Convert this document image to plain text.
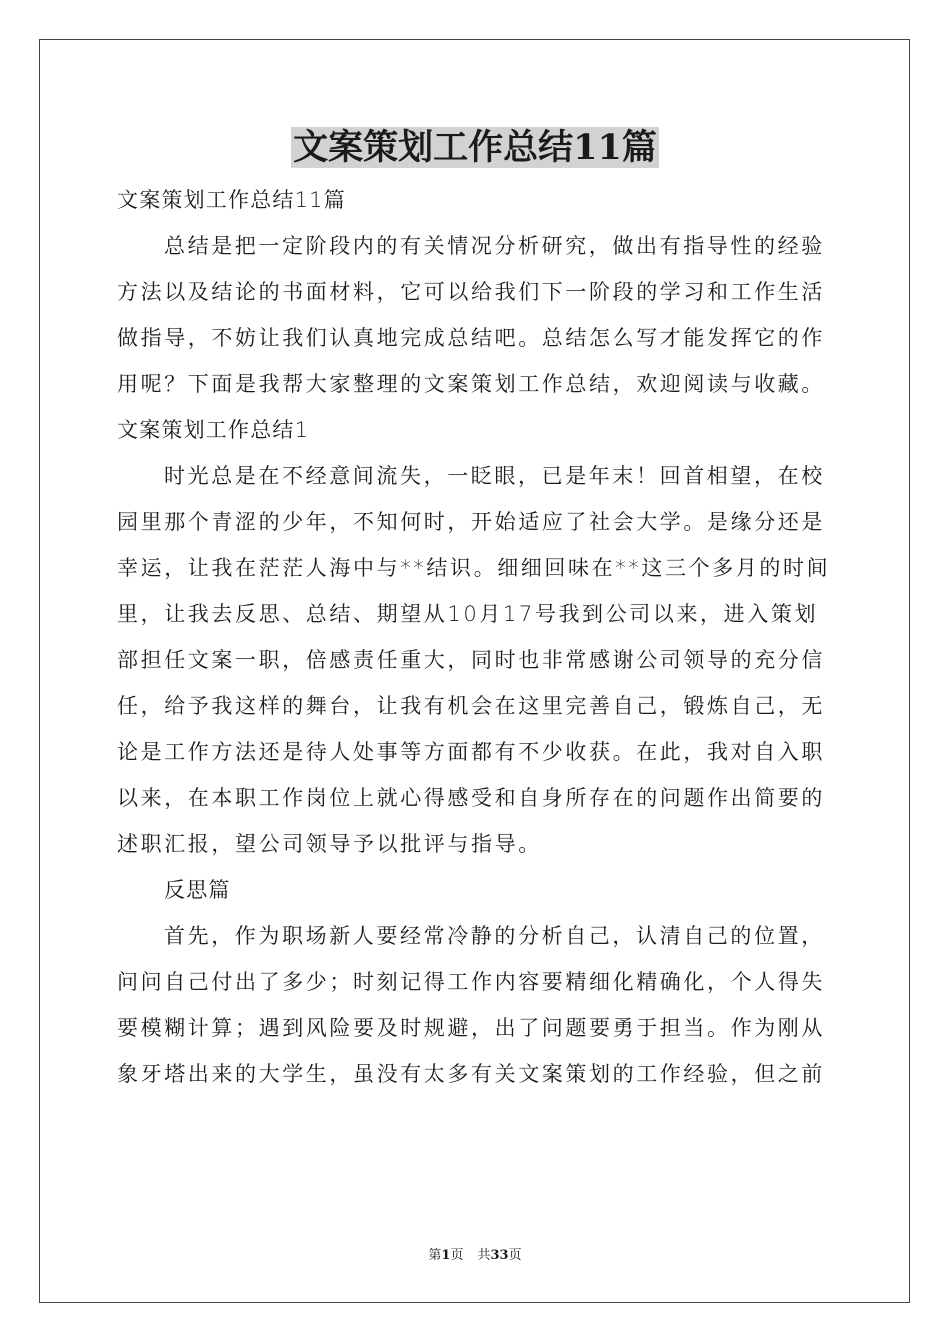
文案策划工作总结11篇
文案策划工作总结11篇
总结是把一定阶段内的有关情况分析研究，做出有指导性的经验
方法以及结论的书面材料，它可以给我们下一阶段的学习和工作生活
做指导，不妨让我们认真地完成总结吧。总结怎么写才能发挥它的作
用呢？下面是我帮大家整理的文案策划工作总结，欢迎阅读与收藏。
文案策划工作总结1
时光总是在不经意间流失，一眨眼，已是年末！回首相望，在校
园里那个青涩的少年，不知何时，开始适应了社会大学。是缘分还是
幸运，让我在茫茫人海中与**结识。细细回味在**这三个多月的时间
里，让我去反思、总结、期望从10月17号我到公司以来，进入策划
部担任文案一职，倍感责任重大，同时也非常感谢公司领导的充分信
任，给予我这样的舞台，让我有机会在这里完善自己，锻炼自己，无
论是工作方法还是待人处事等方面都有不少收获。在此，我对自入职
以来，在本职工作岗位上就心得感受和自身所存在的问题作出简要的
述职汇报，望公司领导予以批评与指导。
反思篇
首先，作为职场新人要经常冷静的分析自己，认清自己的位置，
问问自己付出了多少；时刻记得工作内容要精细化精确化，个人得失
要模糊计算；遇到风险要及时规避，出了问题要勇于担当。作为刚从
象牙塔出来的大学生，虽没有太多有关文案策划的工作经验，但之前
第1页 共33页
